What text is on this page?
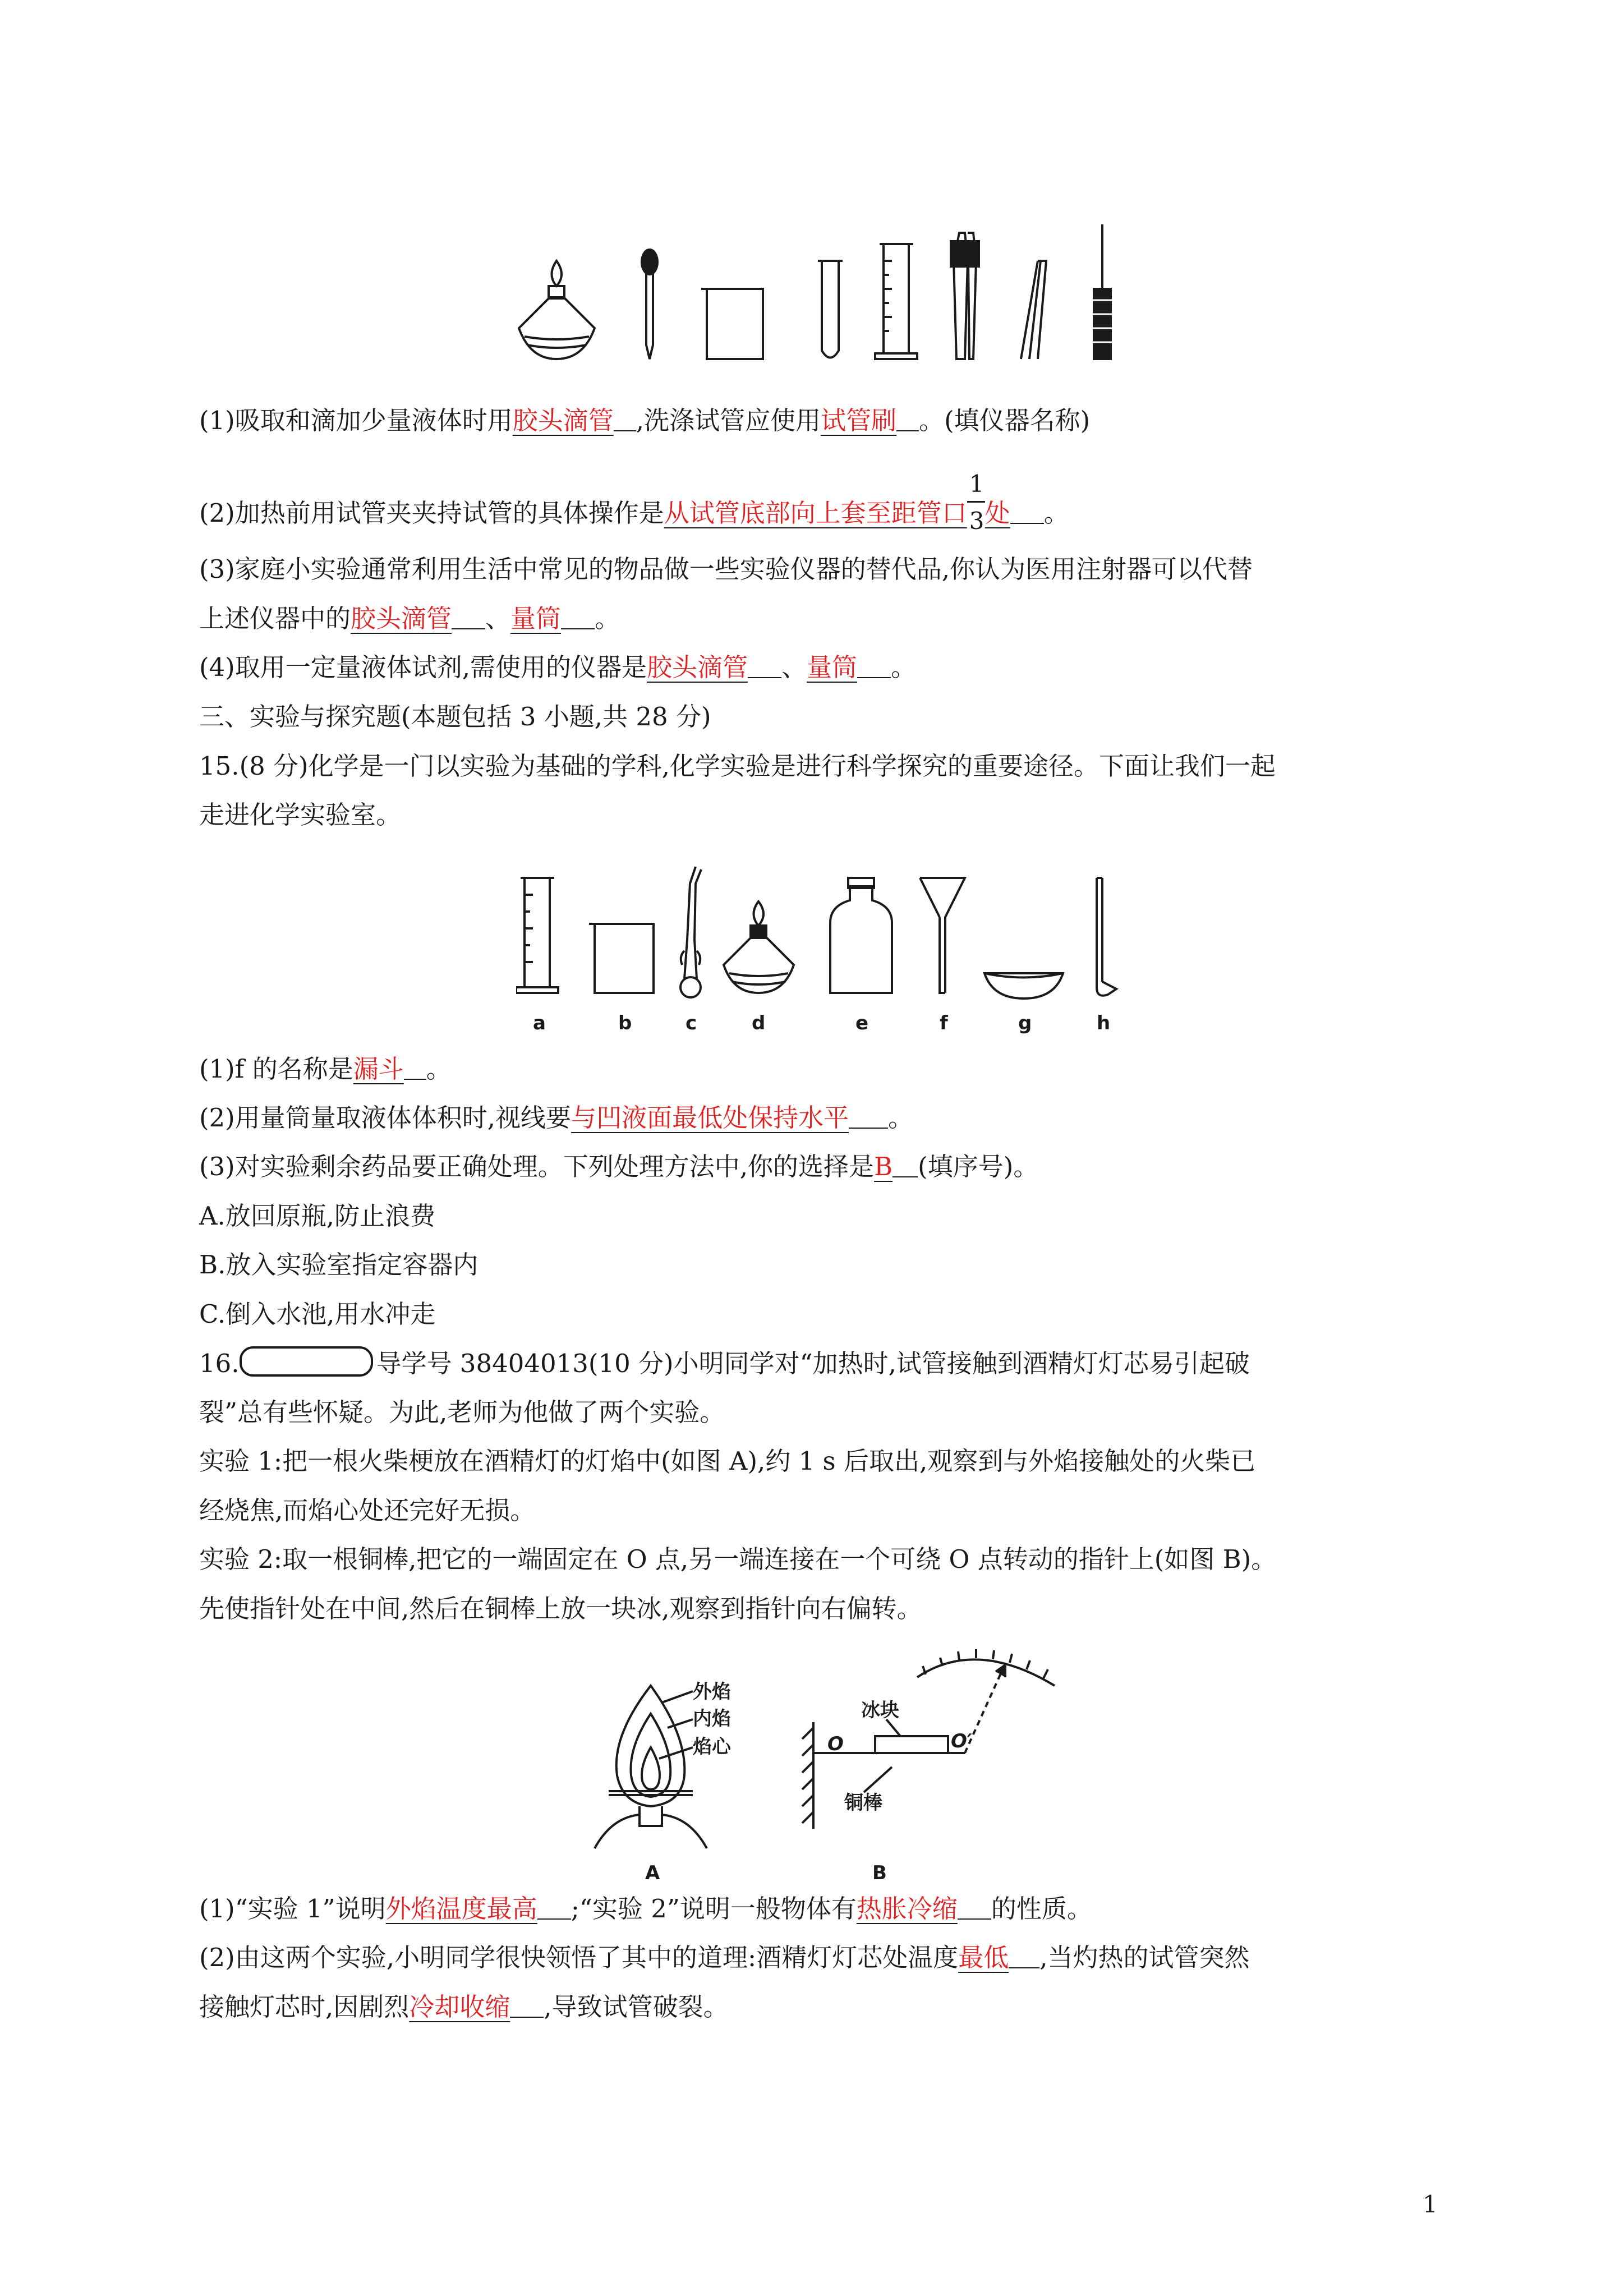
(1)吸取和滴加少量液体时用胶头滴管 ,洗涤试管应使用试管刷 。(填仪器名称)
(2)加热前用试管夹夹持试管的具体操作是从试管底部向上套至距管口 $\frac{1}{3}$ 处 。
(3)家庭小实验通常利用生活中常见的物品做一些实验仪器的替代品,你认为医用注射器可以代替
上述仪器中的胶头滴管 、量筒 。
(4)取用一定量液体试剂,需使用的仪器是胶头滴管 、量筒 。
三、实验与探究题(本题包括 3 小题,共 28 分)
15.(8 分)化学是一门以实验为基础的学科,化学实验是进行科学探究的重要途径。下面让我们一起
走进化学实验室。
a	b	c	d	e	f	g	h
(1)f 的名称是漏斗 。
(2)用量筒量取液体体积时,视线要与凹液面最低处保持水平 。
(3)对实验剩余药品要正确处理。下列处理方法中,你的选择是B (填序号)。
A.放回原瓶,防止浪费
B.放入实验室指定容器内
C.倒入水池,用水冲走
16.	导学号 38404013(10 分)小明同学对“加热时,试管接触到酒精灯灯芯易引起破
裂”总有些怀疑。为此,老师为他做了两个实验。
实验 1:把一根火柴梗放在酒精灯的灯焰中(如图 A),约 1 s 后取出,观察到与外焰接触处的火柴已
经烧焦,而焰心处还完好无损。
实验 2:取一根铜棒,把它的一端固定在 O 点,另一端连接在一个可绕 O 点转动的指针上(如图 B)。
先使指针处在中间,然后在铜棒上放一块冰,观察到指针向右偏转。
外焰
内焰
焰心
A
冰块
O	O′
铜棒
B
(1)“实验 1”说明外焰温度最高 ;“实验 2”说明一般物体有热胀冷缩 的性质。
(2)由这两个实验,小明同学很快领悟了其中的道理:酒精灯灯芯处温度最低 ,当灼热的试管突然
接触灯芯时,因剧烈冷却收缩 ,导致试管破裂。
1
